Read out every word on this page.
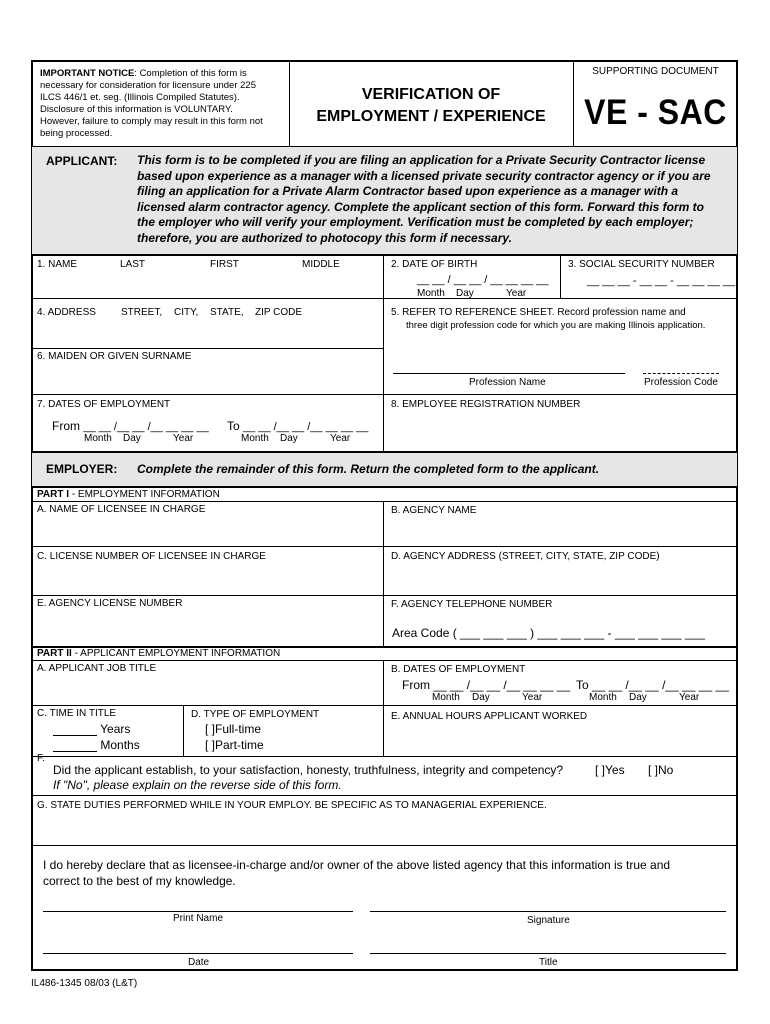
IMPORTANT NOTICE: Completion of this form is
necessary for consideration for licensure under 225
ILCS 446/1 et. seg. (Illinois Compiled Statutes).
Disclosure of this information is VOLUNTARY.
However, failure to comply may result in this form not
being processed.
VERIFICATION OF
EMPLOYMENT / EXPERIENCE
SUPPORTING DOCUMENT
VE - SAC
APPLICANT: This form is to be completed if you are filing an application for a Private Security Contractor license
based upon experience as a manager with a licensed private security contractor agency or if you are
filing an application for a Private Alarm Contractor based upon experience as a manager with a
licensed alarm contractor agency. Complete the applicant section of this form. Forward this form to
the employer who will verify your employment. Verification must be completed by each employer;
therefore, you are authorized to photocopy this form if necessary.
1. NAME	LAST	FIRST	MIDDLE	2. DATE OF BIRTH
__ __ / __ __ / __ __ __ __
Month Day	Year
3. SOCIAL SECURITY NUMBER
__ __ __ - __ __ - __ __ __ __
4. ADDRESS	STREET, CITY, STATE, ZIP CODE	5. REFER TO REFERENCE SHEET. Record profession name and
three digit profession code for which you are making Illinois application.
6. MAIDEN OR GIVEN SURNAME
Profession Name	Profession Code
7. DATES OF EMPLOYMENT
From __ __ /__ __ /__ __ __ __ To __ __ /__ __ /__ __ __ __
Month Day	Year	Month Day	Year
8. EMPLOYEE REGISTRATION NUMBER
EMPLOYER: Complete the remainder of this form. Return the completed form to the applicant.
PART I - EMPLOYMENT INFORMATION
A. NAME OF LICENSEE IN CHARGE	B. AGENCY NAME
C. LICENSE NUMBER OF LICENSEE IN CHARGE	D. AGENCY ADDRESS (STREET, CITY, STATE, ZIP CODE)
E. AGENCY LICENSE NUMBER	F. AGENCY TELEPHONE NUMBER
Area Code ( ___ ___ ___ ) ___ ___ ___ - ___ ___ ___ ___
PART II - APPLICANT EMPLOYMENT INFORMATION
A. APPLICANT JOB TITLE	B. DATES OF EMPLOYMENT
From __ __ /__ __ /__ __ __ __ To __ __ /__ __ /__ __ __ __
Month Day	Year	Month Day	Year
C. TIME IN TITLE
Years
Months
D. TYPE OF EMPLOYMENT
[ ]Full-time
[ ]Part-time
E. ANNUAL HOURS APPLICANT WORKED
F.
Did the applicant establish, to your satisfaction, honesty, truthfulness, integrity and competency?	[ ]Yes [ ]No
If "No", please explain on the reverse side of this form.
G. STATE DUTIES PERFORMED WHILE IN YOUR EMPLOY. BE SPECIFIC AS TO MANAGERIAL EXPERIENCE.
I do hereby declare that as licensee-in-charge and/or owner of the above listed agency that this information is true and
correct to the best of my knowledge.
Print Name	Signature
Date	Title
IL486-1345 08/03 (L&T)
